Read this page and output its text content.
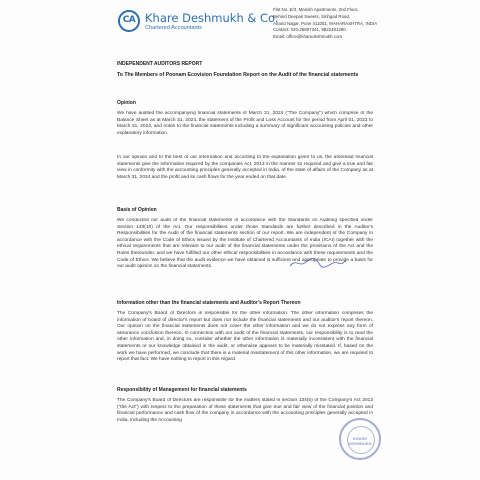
CA Khare Deshmukh & Co.
Chartered Accountants
Flat No. E/3, Manish Apartments, 2nd Floor,
Behind Deepak Sweets, Sinhgad Road,
Anand Nagar, Pune 411051, MAHARASHTRA, INDIA
Contact: 020-25897341, 9822491280
Email: office@kharedeshmukh.com
INDEPENDENT AUDITORS REPORT
To The Members of Poonam Ecovision Foundation Report on the Audit of the financial statements
Opinion

We have audited the accompanying financial statements of March 31, 2024 ("The Company") which comprise of the Balance Sheet as at March 31, 2024, the statement of the Profit and Loss Account for the period from April 01, 2023 to March 31, 2024, and notes to the financial statements including a summary of significant accounting policies and other explanatory information.

In our opinion and to the best of our information and according to the explanation given to us, the aforesaid financial statements give the information required by the companies Act, 2013 in the manner so required and give a true and fair view in conformity with the accounting principles generally accepted in India, of the state of affairs of the Company as at March 31, 2024 and the profit and its cash flows for the year ended on that date.

Basis of Opinion

We conducted our audit of the financial statements in accordance with the Standards on Auditing specified under Section 143(10) of the Act. Our responsibilities under those Standards are further described in the Auditor's Responsibilities for the Audit of the financial statements section of our report. We are independent of the Company in accordance with the Code of Ethics issued by the Institute of Chartered Accountants of India (ICAI) together with the ethical requirements that are relevant to our audit of the financial statements under the provisions of the Act and the Rules thereunder, and we have fulfilled our other ethical responsibilities in accordance with these requirements and the Code of Ethics. We believe that the audit evidence we have obtained is sufficient and appropriate to provide a basis for our audit opinion on the financial statements.

Information other than the financial statements and Auditor's Report Thereon

The Company's Board of Directors is responsible for the other information. The other information comprises the information of board of director's report but does not include the financial statements and our auditor's report thereon. Our opinion on the financial statements does not cover the other information and we do not express any form of assurance conclusion thereon. In connection with our audit of the financial statements, our responsibility is to read the other information and, in doing so, consider whether the other information is materially inconsistent with the financial statements or our knowledge obtained in the audit, or otherwise appears to be materially misstated. If, based on the work we have performed, we conclude that there is a material misstatement of this other information, we are required to report that fact. We have nothing to report in this regard.

Responsibility of Management for financial statements

The Company's Board of Directors are responsible for the matters stated in section 134(5) of the Company's Act 2013 ("the Act") with respect to the preparation of these statements that give true and fair view of the financial position and financial performance and cash flow of the company in accordance with the accounting principles generally accepted in India, including the Accounting

KHARE DESHMUKH
